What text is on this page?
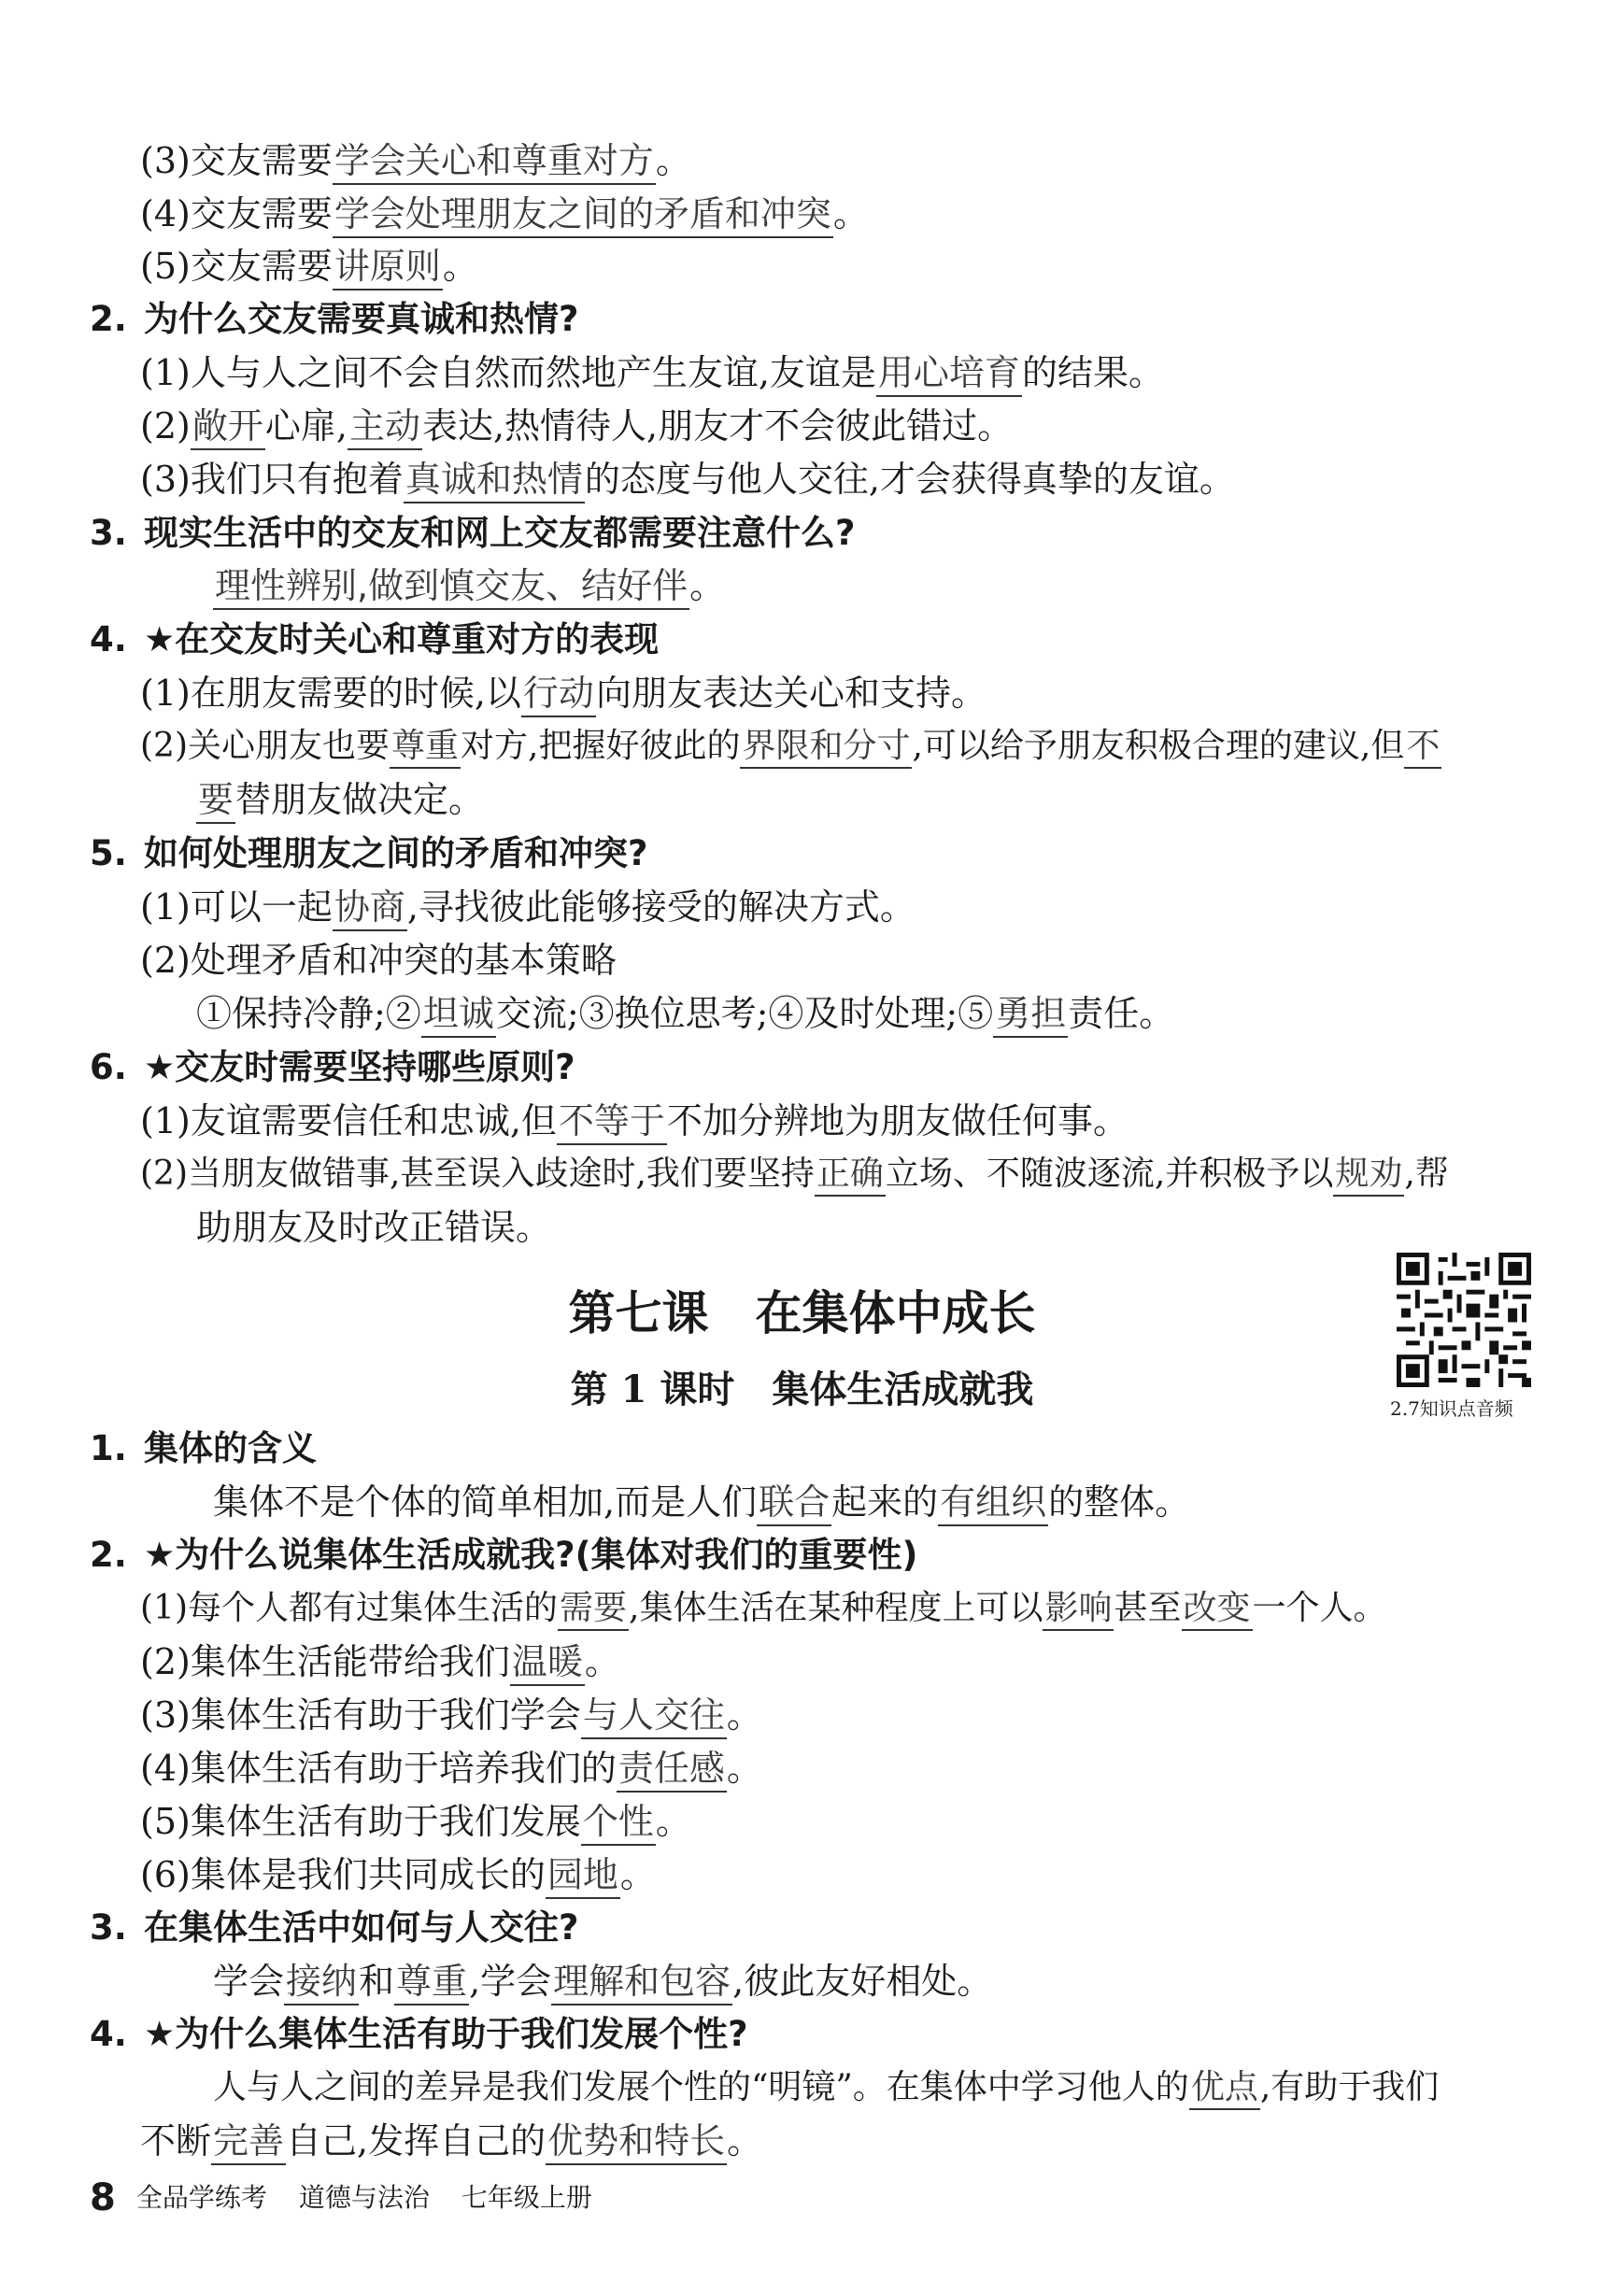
(3)交友需要学会关心和尊重对方。
(4)交友需要学会处理朋友之间的矛盾和冲突。
(5)交友需要讲原则。
2. 为什么交友需要真诚和热情?
(1)人与人之间不会自然而然地产生友谊,友谊是用心培育的结果。
(2)敞开心扉,主动表达,热情待人,朋友才不会彼此错过。
(3)我们只有抱着真诚和热情的态度与他人交往,才会获得真挚的友谊。
3. 现实生活中的交友和网上交友都需要注意什么?
理性辨别,做到慎交友、结好伴。
4. ★在交友时关心和尊重对方的表现
(1)在朋友需要的时候,以行动向朋友表达关心和支持。
(2)关心朋友也要尊重对方,把握好彼此的界限和分寸,可以给予朋友积极合理的建议,但不
要替朋友做决定。
5. 如何处理朋友之间的矛盾和冲突?
(1)可以一起协商,寻找彼此能够接受的解决方式。
(2)处理矛盾和冲突的基本策略
①保持冷静;②坦诚交流;③换位思考;④及时处理;⑤勇担责任。
6. ★交友时需要坚持哪些原则?
(1)友谊需要信任和忠诚,但不等于不加分辨地为朋友做任何事。
(2)当朋友做错事,甚至误入歧途时,我们要坚持正确立场、不随波逐流,并积极予以规劝,帮
助朋友及时改正错误。
第七课　在集体中成长
第 1 课时　集体生活成就我	2.7知识点音频
1. 集体的含义
集体不是个体的简单相加,而是人们联合起来的有组织的整体。
2. ★为什么说集体生活成就我?(集体对我们的重要性)
(1)每个人都有过集体生活的需要,集体生活在某种程度上可以影响甚至改变一个人。
(2)集体生活能带给我们温暖。
(3)集体生活有助于我们学会与人交往。
(4)集体生活有助于培养我们的责任感。
(5)集体生活有助于我们发展个性。
(6)集体是我们共同成长的园地。
3. 在集体生活中如何与人交往?
学会接纳和尊重,学会理解和包容,彼此友好相处。
4. ★为什么集体生活有助于我们发展个性?
人与人之间的差异是我们发展个性的“明镜”。在集体中学习他人的优点,有助于我们
不断完善自己,发挥自己的优势和特长。
8 全品学练考 道德与法治 七年级上册
